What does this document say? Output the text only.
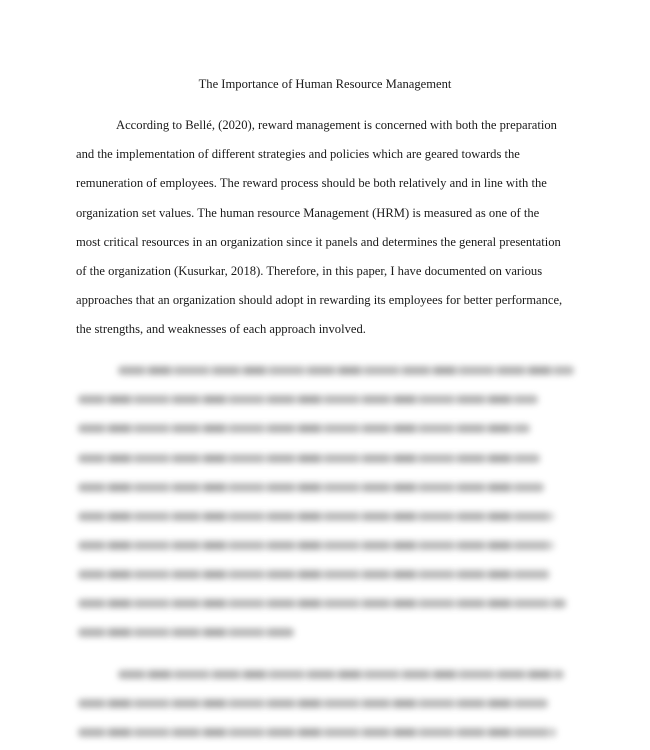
The Importance of Human Resource Management
According to Bellé, (2020), reward management is concerned with both the preparation
and the implementation of different strategies and policies which are geared towards the
remuneration of employees. The reward process should be both relatively and in line with the
organization set values. The human resource Management (HRM) is measured as one of the
most critical resources in an organization since it panels and determines the general presentation
of the organization (Kusurkar, 2018). Therefore, in this paper, I have documented on various
approaches that an organization should adopt in rewarding its employees for better performance,
the strengths, and weaknesses of each approach involved.
